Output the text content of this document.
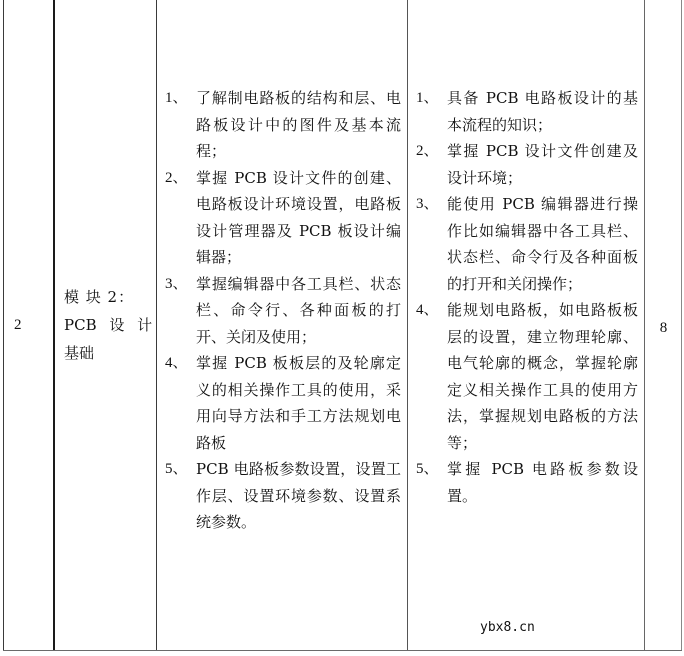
2
模 块 2：
PCB 设 计
基础
1、 了解制电路板的结构和层、电路板设计中的图件及基本流程；
2、 掌握 PCB 设计文件的创建、电路板设计环境设置，电路板设计管理器及 PCB 板设计编辑器；
3、 掌握编辑器中各工具栏、状态栏、命令行、各种面板的打开、关闭及使用；
4、 掌握 PCB 板板层的及轮廓定义的相关操作工具的使用，采用向导方法和手工方法规划电路板
5、 PCB 电路板参数设置，设置工作层、设置环境参数、设置系统参数。
1、 具备 PCB 电路板设计的基本流程的知识；
2、 掌握 PCB 设计文件创建及设计环境；
3、 能使用 PCB 编辑器进行操作比如编辑器中各工具栏、状态栏、命令行及各种面板的打开和关闭操作；
4、 能规划电路板，如电路板板层的设置，建立物理轮廓、电气轮廓的概念，掌握轮廓定义相关操作工具的使用方法，掌握规划电路板的方法等；
5、 掌握 PCB 电路板参数设置。
8
ybx8.cn
